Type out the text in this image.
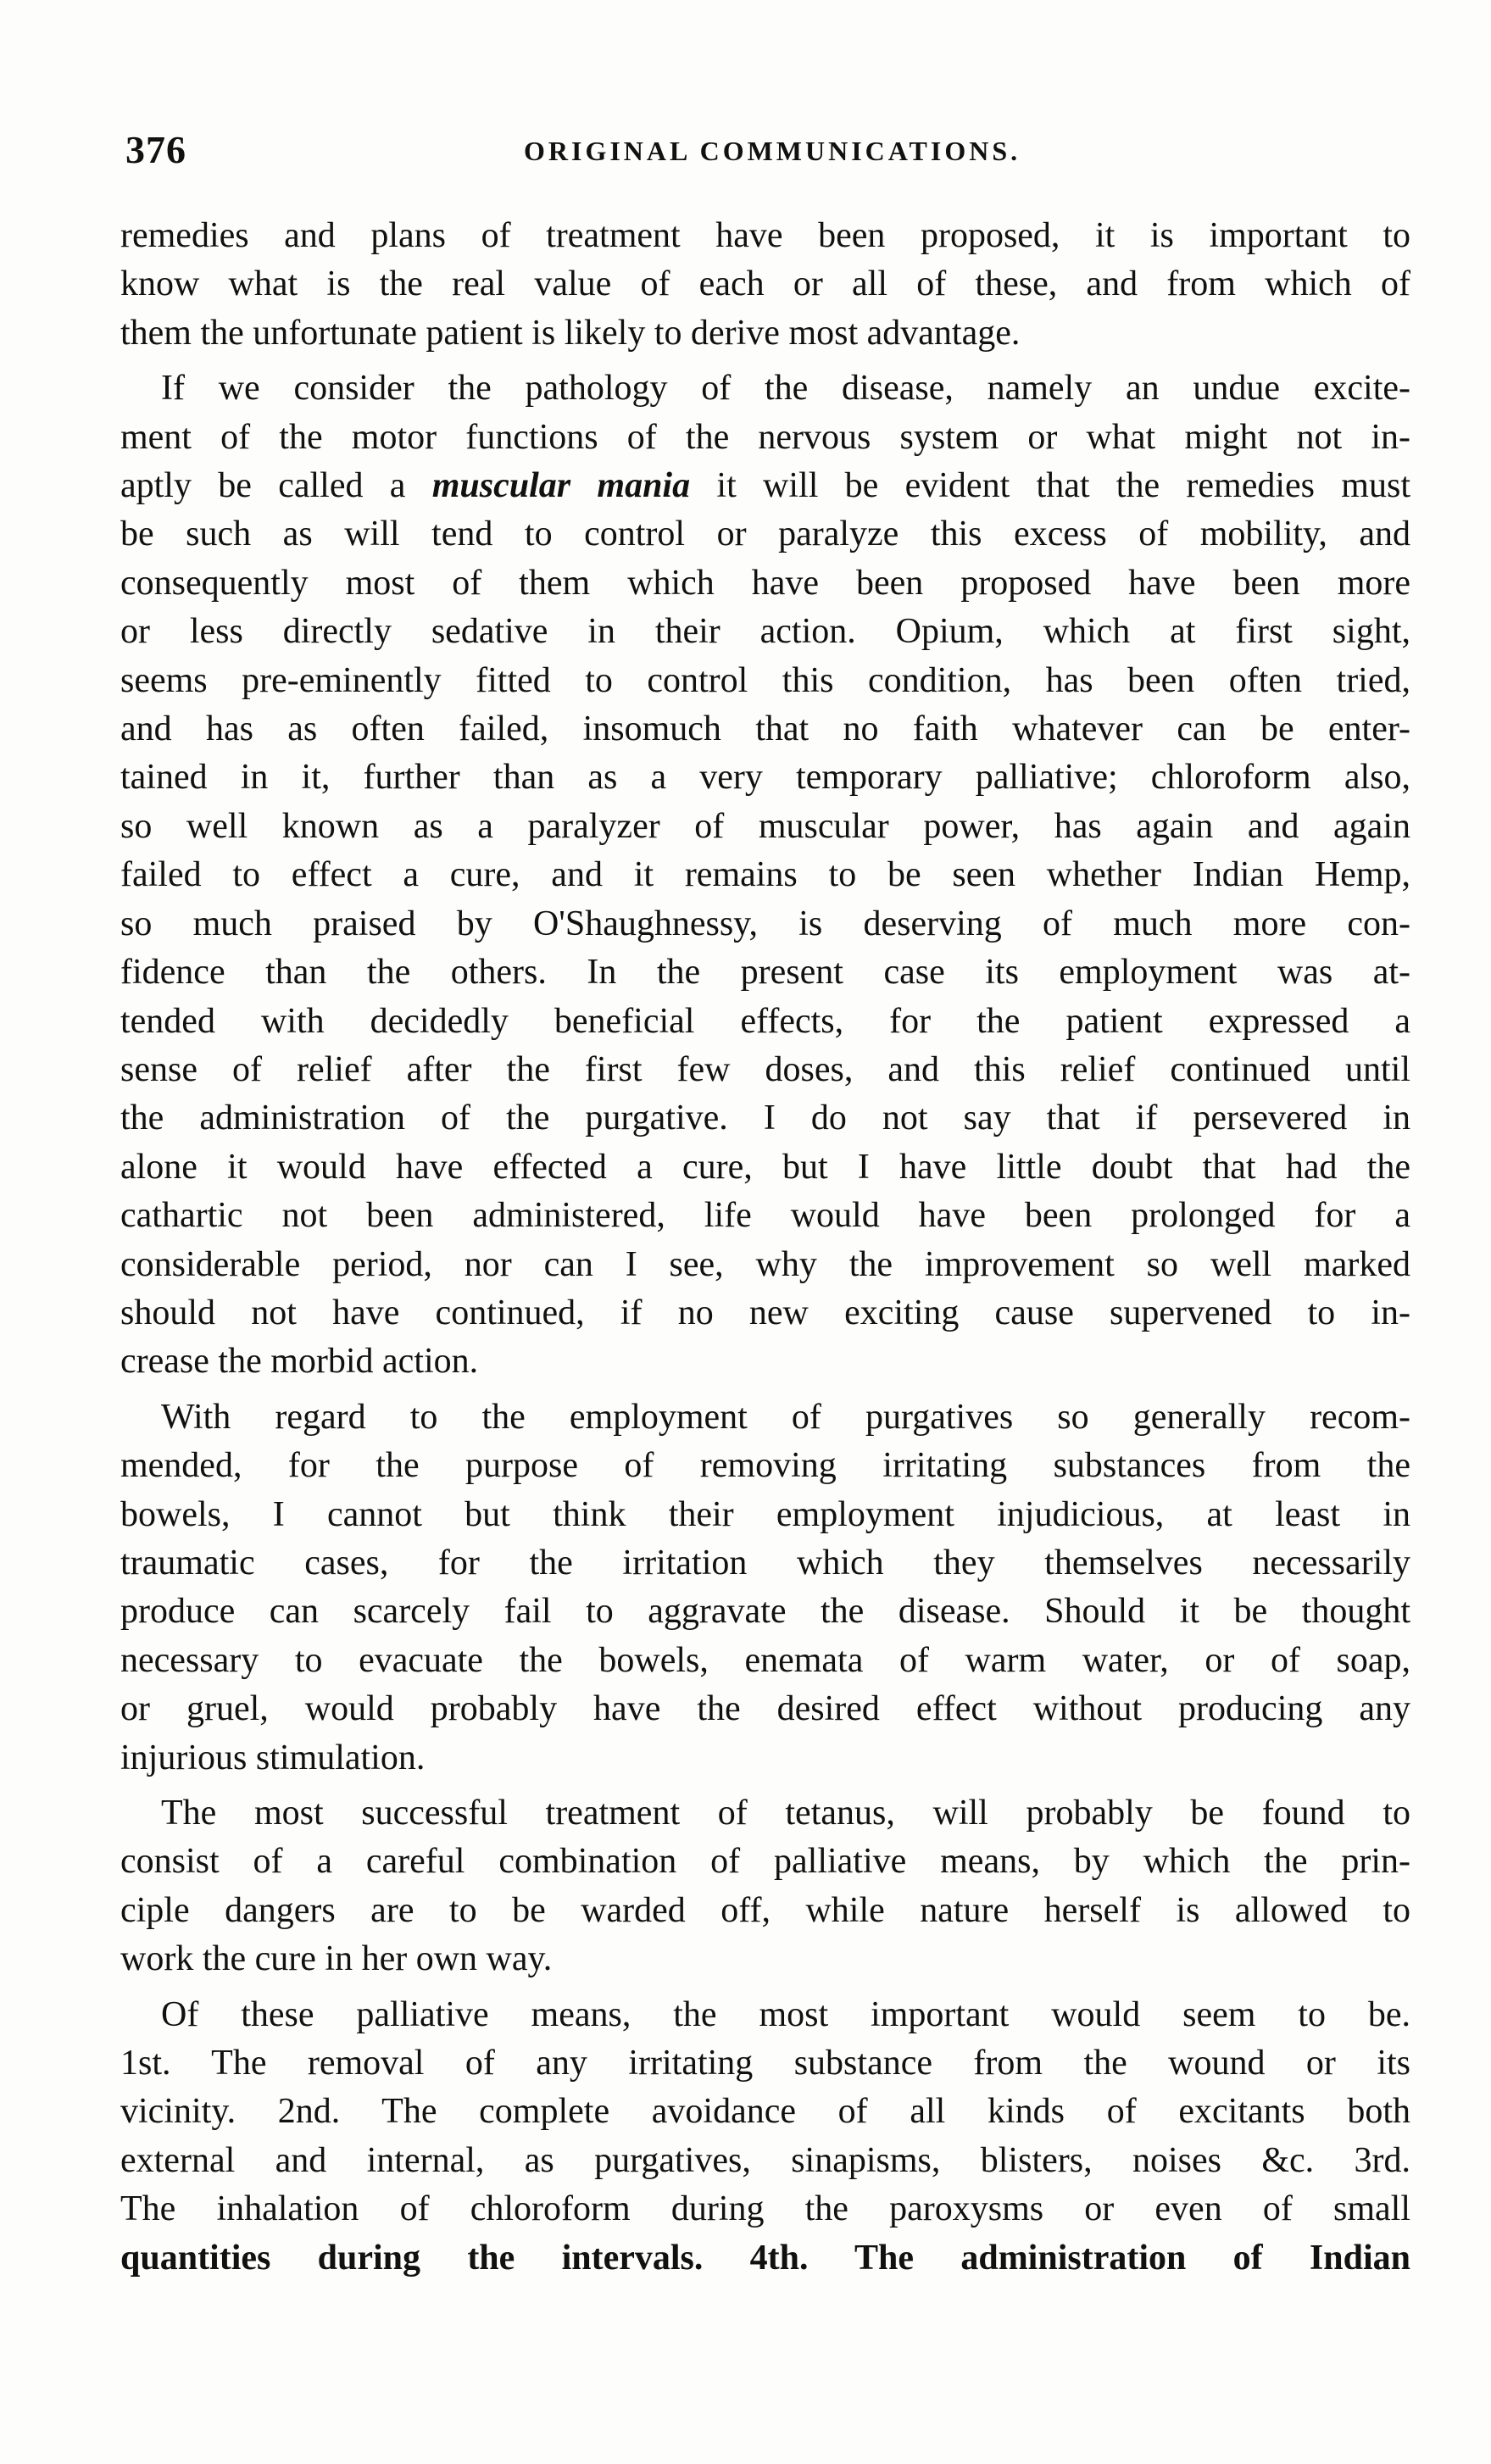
376	ORIGINAL COMMUNICATIONS.

remedies and plans of treatment have been proposed, it is important to
know what is the real value of each or all of these, and from which of
them the unfortunate patient is likely to derive most advantage.

If we consider the pathology of the disease, namely an undue excite-
ment of the motor functions of the nervous system or what might not in-
aptly be called a muscular mania it will be evident that the remedies must
be such as will tend to control or paralyze this excess of mobility, and
consequently most of them which have been proposed have been more
or less directly sedative in their action. Opium, which at first sight,
seems pre-eminently fitted to control this condition, has been often tried,
and has as often failed, insomuch that no faith whatever can be enter-
tained in it, further than as a very temporary palliative; chloroform also,
so well known as a paralyzer of muscular power, has again and again
failed to effect a cure, and it remains to be seen whether Indian Hemp,
so much praised by O'Shaughnessy, is deserving of much more con-
fidence than the others. In the present case its employment was at-
tended with decidedly beneficial effects, for the patient expressed a
sense of relief after the first few doses, and this relief continued until
the administration of the purgative. I do not say that if persevered in
alone it would have effected a cure, but I have little doubt that had the
cathartic not been administered, life would have been prolonged for a
considerable period, nor can I see, why the improvement so well marked
should not have continued, if no new exciting cause supervened to in-
crease the morbid action.

With regard to the employment of purgatives so generally recom-
mended, for the purpose of removing irritating substances from the
bowels, I cannot but think their employment injudicious, at least in
traumatic cases, for the irritation which they themselves necessarily
produce can scarcely fail to aggravate the disease. Should it be thought
necessary to evacuate the bowels, enemata of warm water, or of soap,
or gruel, would probably have the desired effect without producing any
injurious stimulation.

The most successful treatment of tetanus, will probably be found to
consist of a careful combination of palliative means, by which the prin-
ciple dangers are to be warded off, while nature herself is allowed to
work the cure in her own way.

Of these palliative means, the most important would seem to be.
1st. The removal of any irritating substance from the wound or its
vicinity. 2nd. The complete avoidance of all kinds of excitants both
external and internal, as purgatives, sinapisms, blisters, noises &c. 3rd.
The inhalation of chloroform during the paroxysms or even of small
quantities during the intervals. 4th. The administration of Indian
